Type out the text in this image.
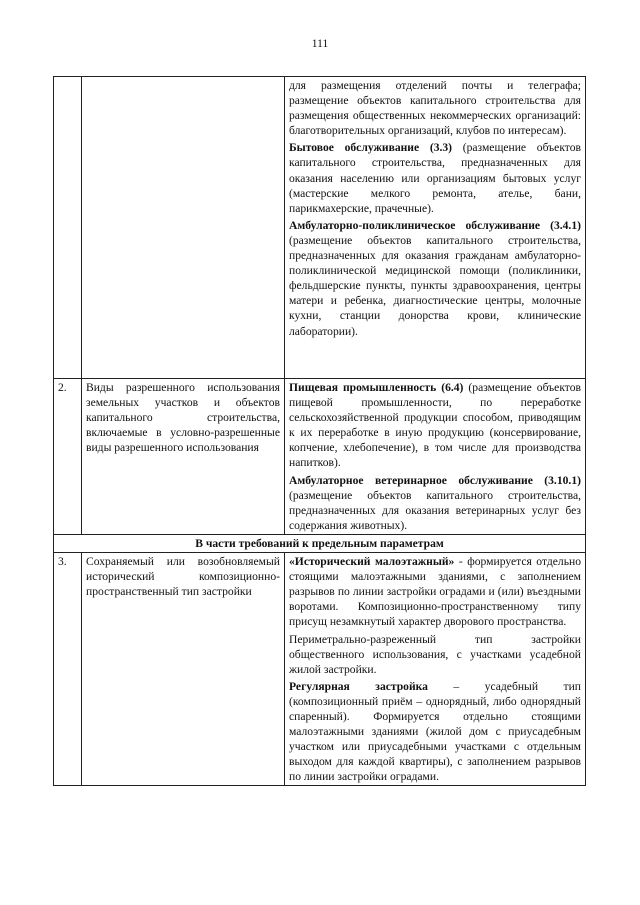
111

		для размещения отделений почты и телеграфа; размещение объектов капитального строительства для размещения общественных некоммерческих организаций: благотворительных организаций, клубов по интересам).

Бытовое обслуживание (3.3) (размещение объектов капитального строительства, предназначенных для оказания населению или организациям бытовых услуг (мастерские мелкого ремонта, ателье, бани, парикмахерские, прачечные).

Амбулаторно-поликлиническое обслуживание (3.4.1) (размещение объектов капитального строительства, предназначенных для оказания гражданам амбулаторно-поликлинической медицинской помощи (поликлиники, фельдшерские пункты, пункты здравоохранения, центры матери и ребенка, диагностические центры, молочные кухни, станции донорства крови, клинические лаборатории).

2.	Виды разрешенного использования земельных участков и объектов капитального строительства, включаемые в условно-разрешенные виды разрешенного использования	Пищевая промышленность (6.4) (размещение объектов пищевой промышленности, по переработке сельскохозяйственной продукции способом, приводящим к их переработке в иную продукцию (консервирование, копчение, хлебопечение), в том числе для производства напитков).

Амбулаторное ветеринарное обслуживание (3.10.1) (размещение объектов капитального строительства, предназначенных для оказания ветеринарных услуг без содержания животных).

В части требований к предельным параметрам		
3.	Сохраняемый или возобновляемый исторический композиционно-пространственный тип застройки	«Исторический малоэтажный» - формируется отдельно стоящими малоэтажными зданиями, с заполнением разрывов по линии застройки оградами и (или) въездными воротами. Композиционно-пространственному типу присущ незамкнутый характер дворового пространства.

Периметрально-разреженный тип застройки общественного использования, с участками усадебной жилой застройки.

Регулярная застройка – усадебный тип (композиционный приём – однорядный, либо однорядный спаренный). Формируется отдельно стоящими малоэтажными зданиями (жилой дом с приусадебным участком или приусадебными участками с отдельным выходом для каждой квартиры), с заполнением разрывов по линии застройки оградами.
